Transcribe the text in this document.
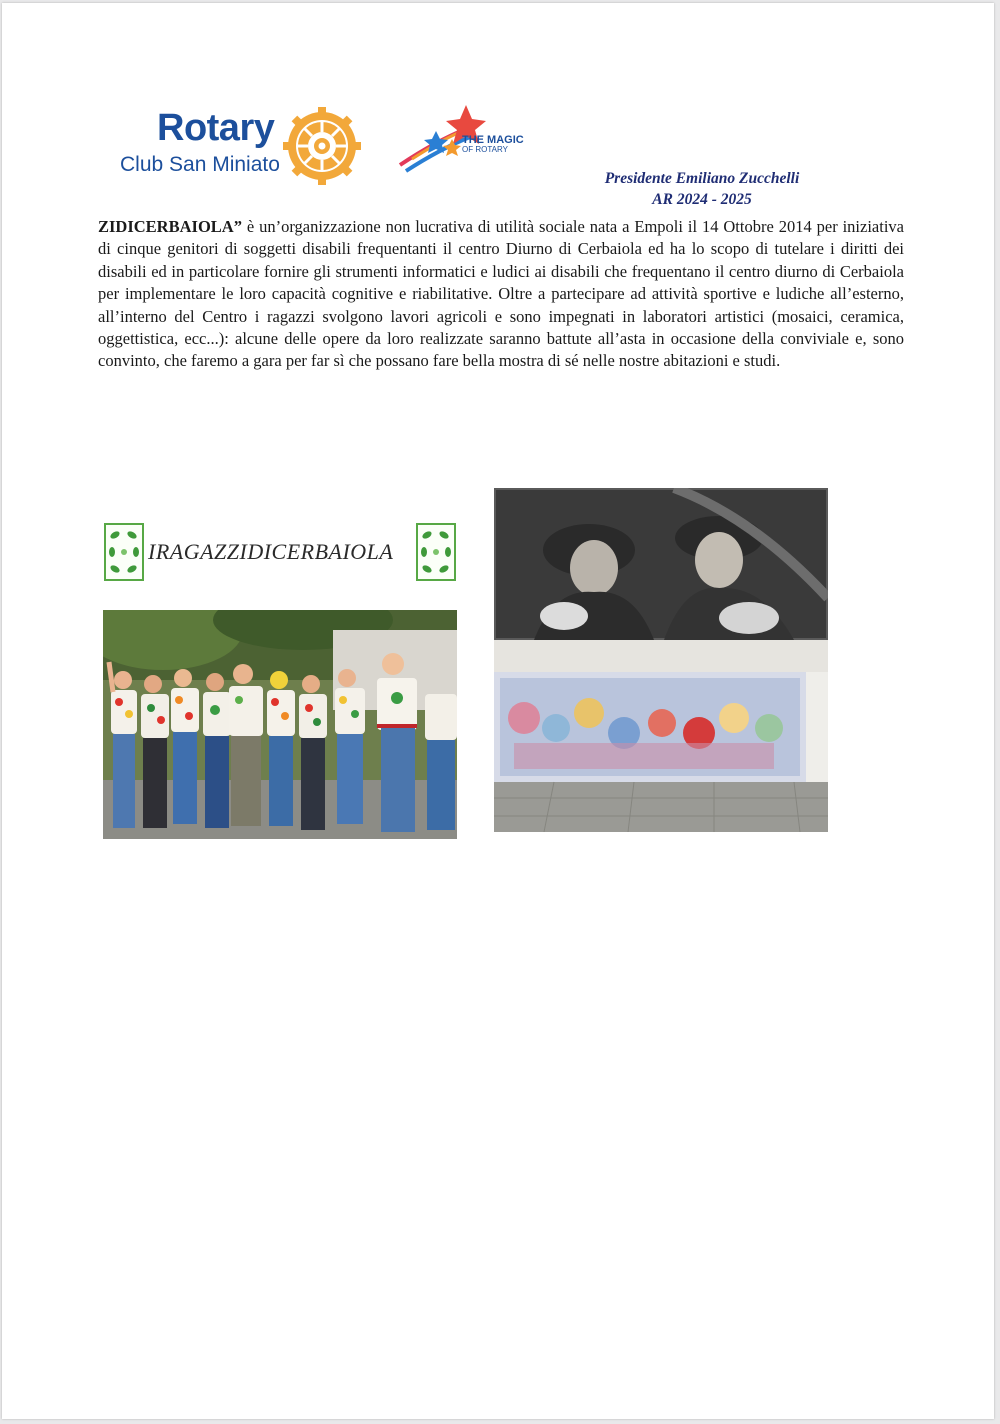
Rotary
Club San Miniato
THE MAGIC
OF ROTARY
Presidente Emiliano Zucchelli
AR 2024 - 2025
ZIDICERBAIOLA” è un’organizzazione non lucrativa di utilità sociale nata a Empoli il 14 Ottobre 2014 per iniziativa di cinque genitori di soggetti disabili frequentanti il centro Diurno di Cerbaiola ed ha lo scopo di tutelare i diritti dei disabili ed in particolare fornire gli strumenti informatici e ludici ai disabili che frequentano il centro diurno di Cerbaiola per implementare le loro capacità cognitive e riabilitative. Oltre a partecipare ad attività sportive e ludiche all’esterno, all’interno del Centro i ragazzi svolgono lavori agricoli e sono impegnati in laboratori artistici (mosaici, ceramica, oggettistica, ecc...): alcune delle opere da loro realizzate saranno battute all’asta in occasione della conviviale e, sono convinto, che faremo a gara per far sì che possano fare bella mostra di sé nelle nostre abitazioni e studi.
IRAGAZZIDICERBAIOLA
